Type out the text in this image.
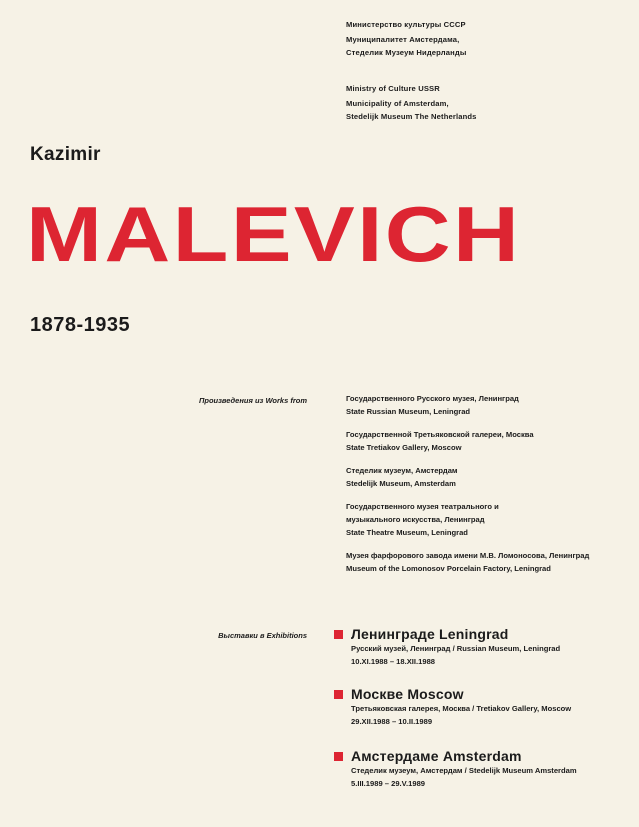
Министерство культуры СССР
Муниципалитет Амстердама,
Стеделик Музеум Нидерланды
Ministry of Culture USSR
Municipality of Amsterdam,
Stedelijk Museum The Netherlands
Kazimir
MALEVICH
1878-1935
Произведения из Works from	Государственного Русского музея, Ленинград
State Russian Museum, Leningrad
Государственной Третьяковской галереи, Москва
State Tretiakov Gallery, Moscow
Стеделик музеум, Амстердам
Stedelijk Museum, Amsterdam
Государственного музея театрального и
музыкального искусства, Ленинград
State Theatre Museum, Leningrad
Музея фарфорового завода имени М.В. Ломоносова, Ленинград
Museum of the Lomonosov Porcelain Factory, Leningrad
Выставки в Exhibitions	Ленинграде Leningrad
Русский музей, Ленинград / Russian Museum, Leningrad
10.XI.1988 – 18.XII.1988
Москве Moscow
Третьяковская галерея, Москва / Tretiakov Gallery, Moscow
29.XII.1988 – 10.II.1989
Амстердаме Amsterdam
Стеделик музеум, Амстердам / Stedelijk Museum Amsterdam
5.III.1989 – 29.V.1989
